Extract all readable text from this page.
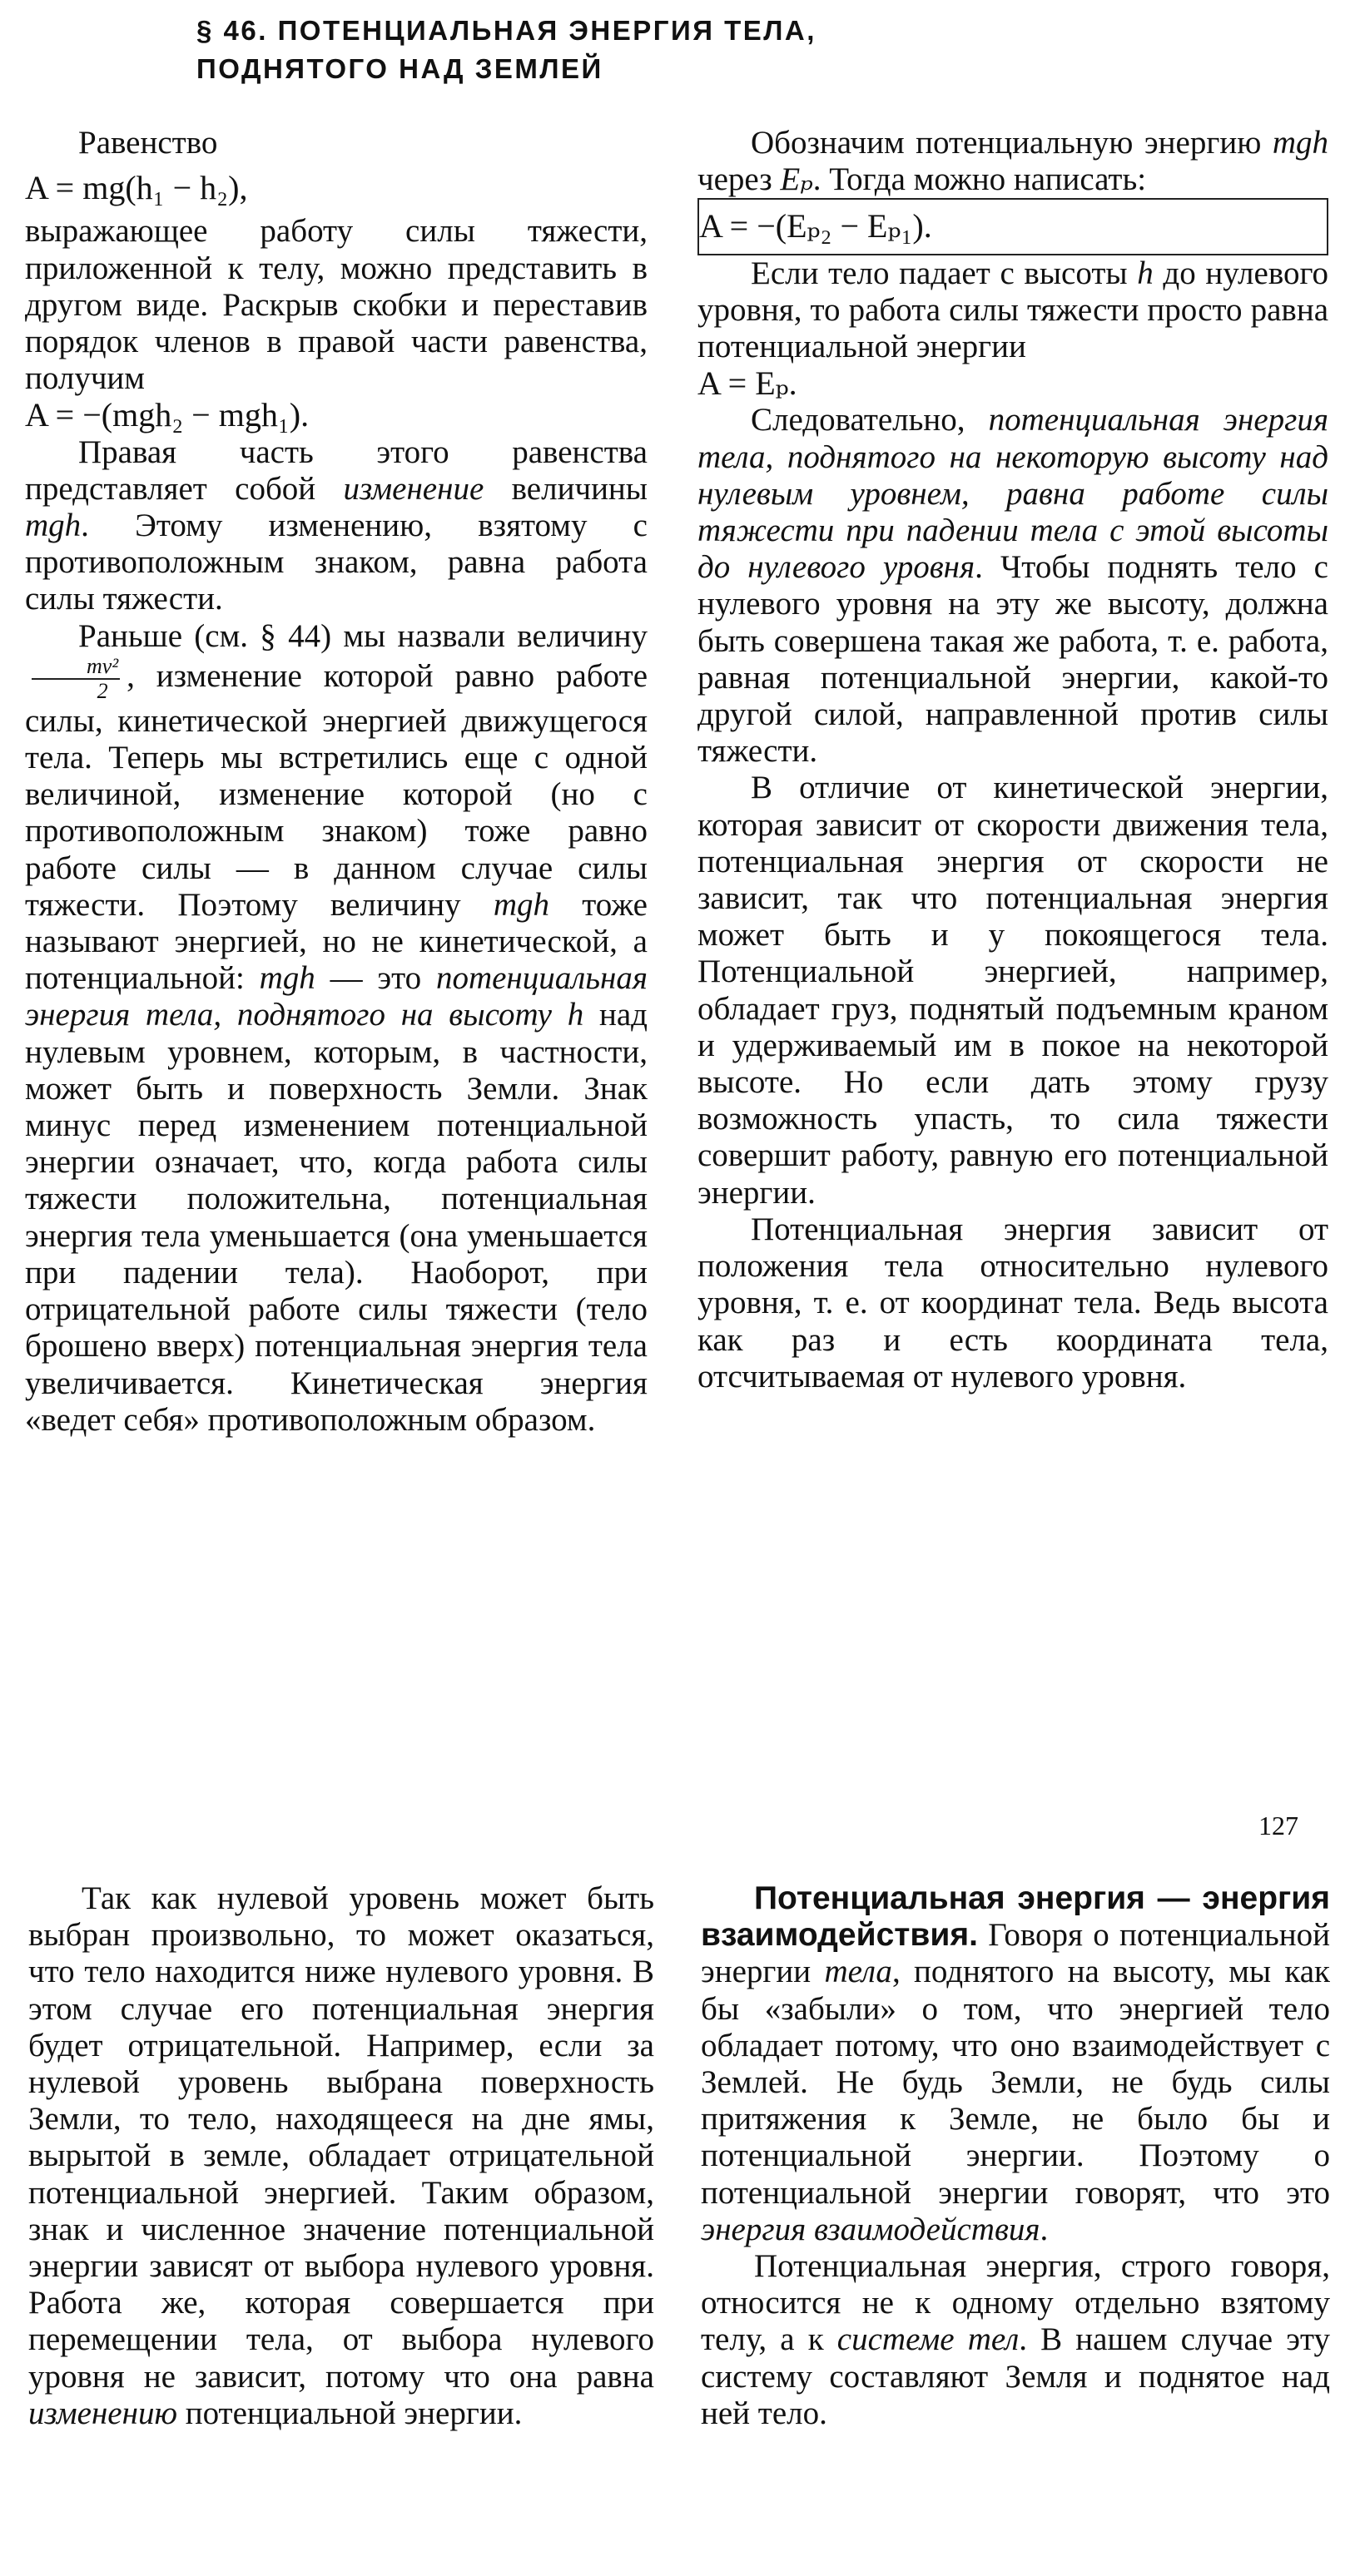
§ 46. ПОТЕНЦИАЛЬНАЯ ЭНЕРГИЯ ТЕЛА,
ПОДНЯТОГО НАД ЗЕМЛЕЙ

Равенство

A = mg(h₁ − h₂),

выражающее работу силы тяжести, приложенной к телу, можно представить в другом виде. Раскрыв скобки и переставив порядок членов в правой части равенства, получим

A = −(mgh₂ − mgh₁).

Правая часть этого равенства представляет собой изменение величины mgh. Этому изменению, взятому с противоположным знаком, равна работа силы тяжести.

Раньше (см. § 44) мы назвали величину
$\frac{\text{mv²}}{2}$ , изменение которой равно работе силы, кинетической энергией движущегося тела. Теперь мы встретились еще с одной величиной, изменение которой (но с противоположным знаком) тоже равно работе силы — в данном случае силы тяжести. Поэтому величину mgh тоже называют энергией, но не кинетической, а потенциальной: mgh — это потенциальная энергия тела, поднятого на высоту h над нулевым уровнем, которым, в частности, может быть и поверхность Земли. Знак минус перед изменением потенциальной энергии означает, что, когда работа силы тяжести положительна, потенциальная энергия тела уменьшается (она уменьшается при падении тела). Наоборот, при отрицательной работе силы тяжести (тело брошено вверх) потенциальная энергия тела увеличивается. Кинетическая энергия «ведет себя» противоположным образом.

Обозначим потенциальную энергию mgh через Eₚ. Тогда можно написать:

A = −(Eₚ₂ − Eₚ₁).

Если тело падает с высоты h до нулевого уровня, то работа силы тяжести просто равна потенциальной энергии

A = Eₚ.

Следовательно, потенциальная энергия тела, поднятого на некоторую высоту над нулевым уровнем, равна работе силы тяжести при падении тела с этой высоты до нулевого уровня. Чтобы поднять тело с нулевого уровня на эту же высоту, должна быть совершена такая же работа, т. е. работа, равная потенциальной энергии, какой-то другой силой, направленной против силы тяжести.

В отличие от кинетической энергии, которая зависит от скорости движения тела, потенциальная энергия от скорости не зависит, так что потенциальная энергия может быть и у покоящегося тела. Потенциальной энергией, например, обладает груз, поднятый подъемным краном и удерживаемый им в покое на некоторой высоте. Но если дать этому грузу возможность упасть, то сила тяжести совершит работу, равную его потенциальной энергии.

Потенциальная энергия зависит от положения тела относительно нулевого уровня, т. е. от координат тела. Ведь высота как раз и есть координата тела, отсчитываемая от нулевого уровня.

127

Так как нулевой уровень может быть выбран произвольно, то может оказаться, что тело находится ниже нулевого уровня. В этом случае его потенциальная энергия будет отрицательной. Например, если за нулевой уровень выбрана поверхность Земли, то тело, находящееся на дне ямы, вырытой в земле, обладает отрицательной потенциальной энергией. Таким образом, знак и численное значение потенциальной энергии зависят от выбора нулевого уровня. Работа же, которая совершается при перемещении тела, от выбора нулевого уровня не зависит, потому что она равна изменению потенциальной энергии.

Потенциальная энергия — энергия взаимодействия. Говоря о потенциальной энергии тела, поднятого на высоту, мы как бы «забыли» о том, что энергией тело обладает потому, что оно взаимодействует с Землей. Не будь Земли, не будь силы притяжения к Земле, не было бы и потенциальной энергии. Поэтому о потенциальной энергии говорят, что это энергия взаимодействия.

Потенциальная энергия, строго говоря, относится не к одному отдельно взятому телу, а к системе тел. В нашем случае эту систему составляют Земля и поднятое над ней тело.
